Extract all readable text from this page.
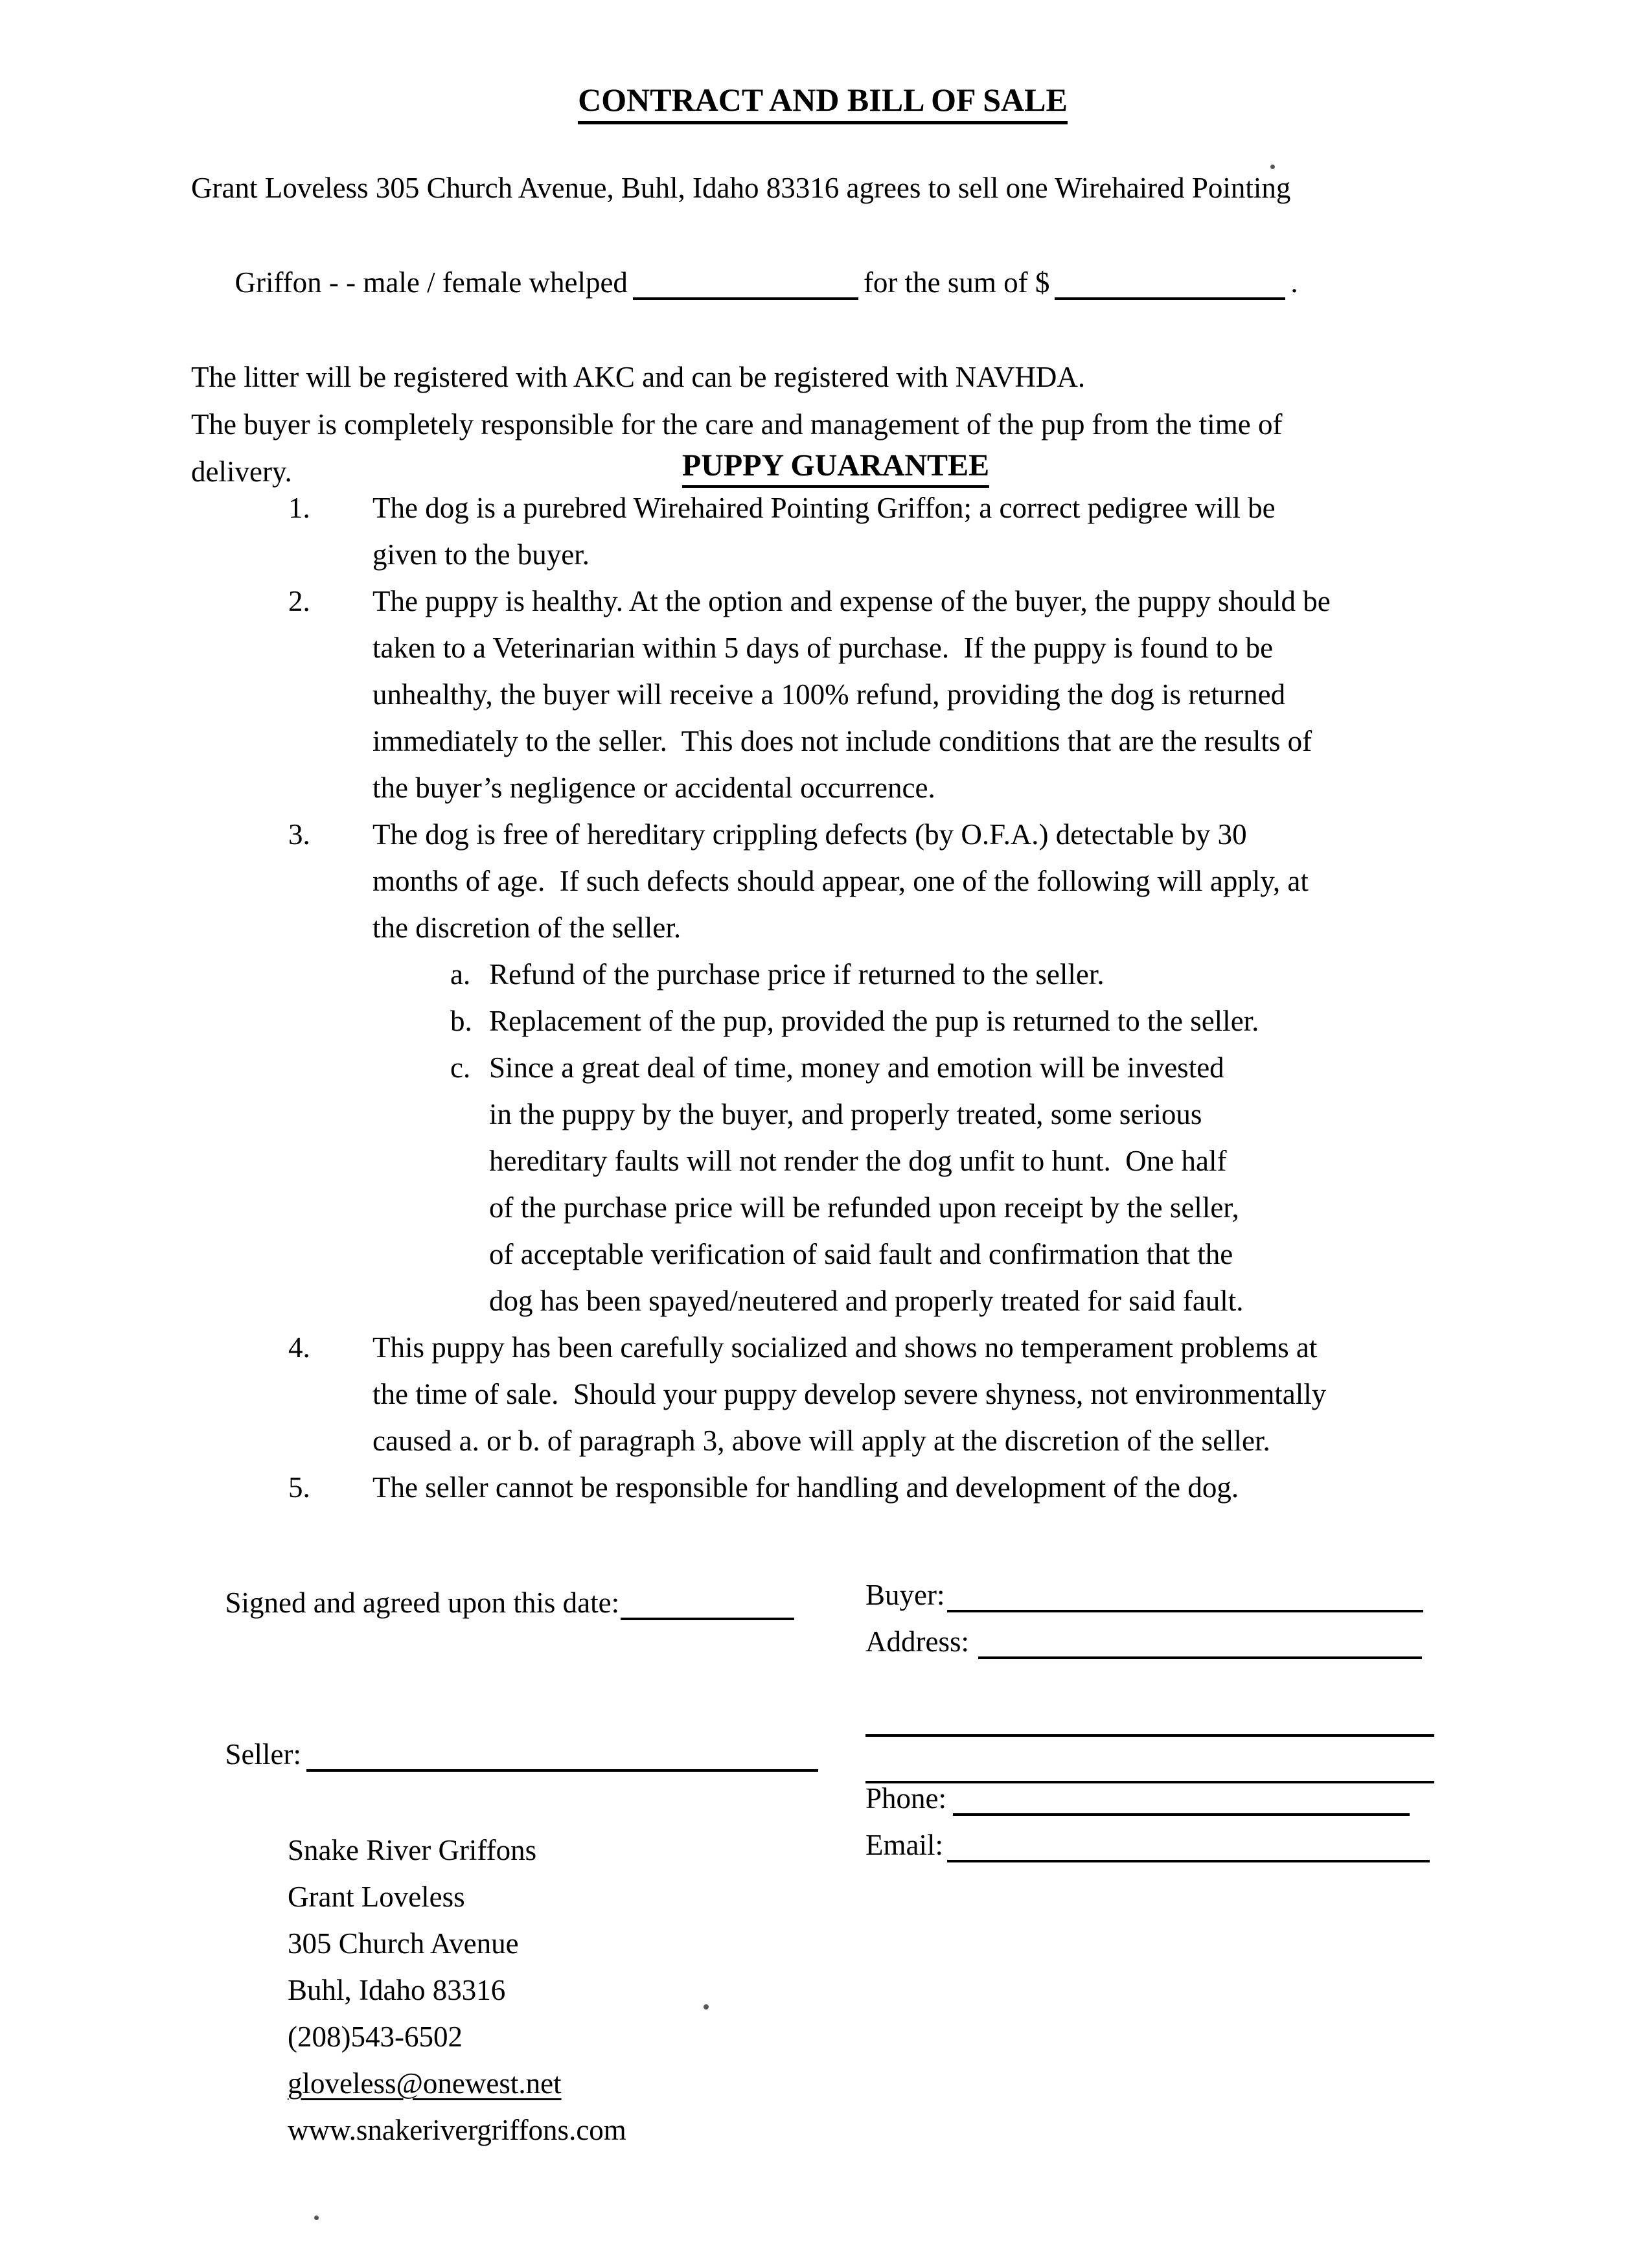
CONTRACT AND BILL OF SALE
Grant Loveless 305 Church Avenue, Buhl, Idaho 83316 agrees to sell one Wirehaired Pointing

Griffon - - male / female whelped	for the sum of $	.

The litter will be registered with AKC and can be registered with NAVHDA.
The buyer is completely responsible for the care and management of the pup from the time of
delivery.	PUPPY GUARANTEE
1.	The dog is a purebred Wirehaired Pointing Griffon; a correct pedigree will be
given to the buyer.
2.	The puppy is healthy. At the option and expense of the buyer, the puppy should be
taken to a Veterinarian within 5 days of purchase.  If the puppy is found to be
unhealthy, the buyer will receive a 100% refund, providing the dog is returned
immediately to the seller.  This does not include conditions that are the results of
the buyer’s negligence or accidental occurrence.
3.	The dog is free of hereditary crippling defects (by O.F.A.) detectable by 30
months of age.  If such defects should appear, one of the following will apply, at
the discretion of the seller.
a. Refund of the purchase price if returned to the seller.
b. Replacement of the pup, provided the pup is returned to the seller.
c. Since a great deal of time, money and emotion will be invested
in the puppy by the buyer, and properly treated, some serious
hereditary faults will not render the dog unfit to hunt.  One half
of the purchase price will be refunded upon receipt by the seller,
of acceptable verification of said fault and confirmation that the
dog has been spayed/neutered and properly treated for said fault.
4.	This puppy has been carefully socialized and shows no temperament problems at
the time of sale.  Should your puppy develop severe shyness, not environmentally
caused a. or b. of paragraph 3, above will apply at the discretion of the seller.
5.	The seller cannot be responsible for handling and development of the dog.

Signed and agreed upon this date:

Seller:

Snake River Griffons
Grant Loveless
305 Church Avenue
Buhl, Idaho 83316
(208)543-6502
gloveless@onewest.net
www.snakerivergriffons.com
Buyer:
Address:
Phone:
Email:
